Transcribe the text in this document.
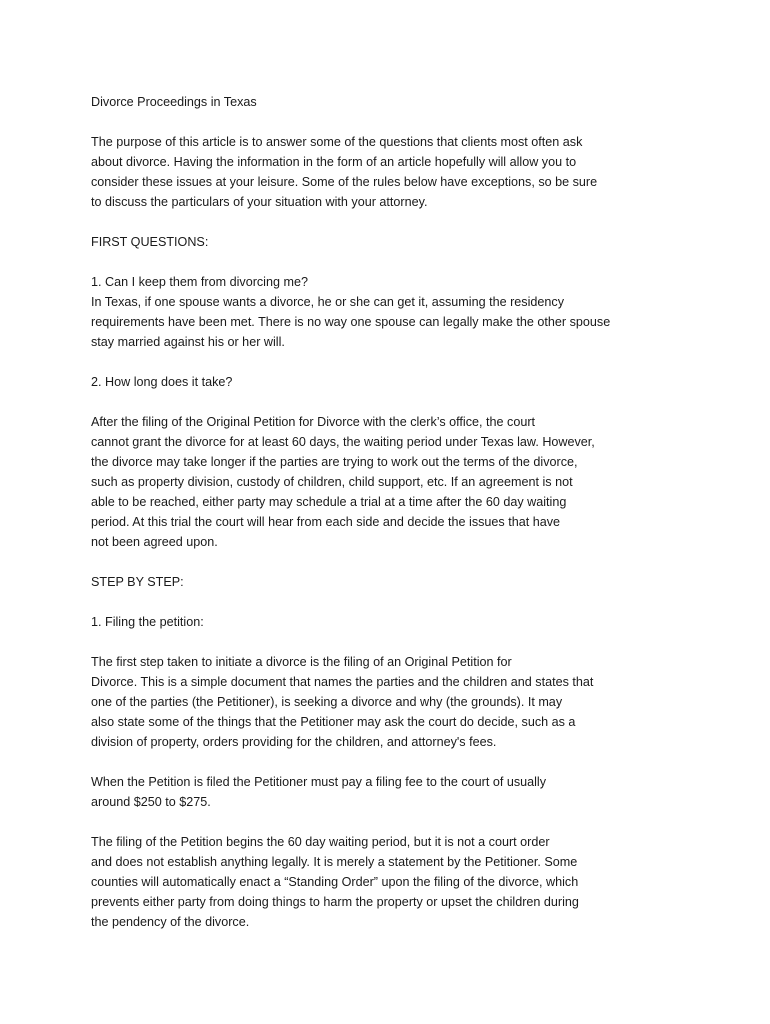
Divorce Proceedings in Texas
The purpose of this article is to answer some of the questions that clients most often ask
about divorce. Having the information in the form of an article hopefully will allow you to
consider these issues at your leisure. Some of the rules below have exceptions, so be sure
to discuss the particulars of your situation with your attorney.
FIRST QUESTIONS:
1. Can I keep them from divorcing me?
In Texas, if one spouse wants a divorce, he or she can get it, assuming the residency
requirements have been met. There is no way one spouse can legally make the other spouse
stay married against his or her will.
2. How long does it take?
After the filing of the Original Petition for Divorce with the clerk’s office, the court
cannot grant the divorce for at least 60 days, the waiting period under Texas law. However,
the divorce may take longer if the parties are trying to work out the terms of the divorce,
such as property division, custody of children, child support, etc. If an agreement is not
able to be reached, either party may schedule a trial at a time after the 60 day waiting
period. At this trial the court will hear from each side and decide the issues that have
not been agreed upon.
STEP BY STEP:
1. Filing the petition:
The first step taken to initiate a divorce is the filing of an Original Petition for
Divorce. This is a simple document that names the parties and the children and states that
one of the parties (the Petitioner), is seeking a divorce and why (the grounds). It may
also state some of the things that the Petitioner may ask the court do decide, such as a
division of property, orders providing for the children, and attorney's fees.
When the Petition is filed the Petitioner must pay a filing fee to the court of usually
around $250 to $275.
The filing of the Petition begins the 60 day waiting period, but it is not a court order
and does not establish anything legally. It is merely a statement by the Petitioner. Some
counties will automatically enact a “Standing Order” upon the filing of the divorce, which
prevents either party from doing things to harm the property or upset the children during
the pendency of the divorce.
